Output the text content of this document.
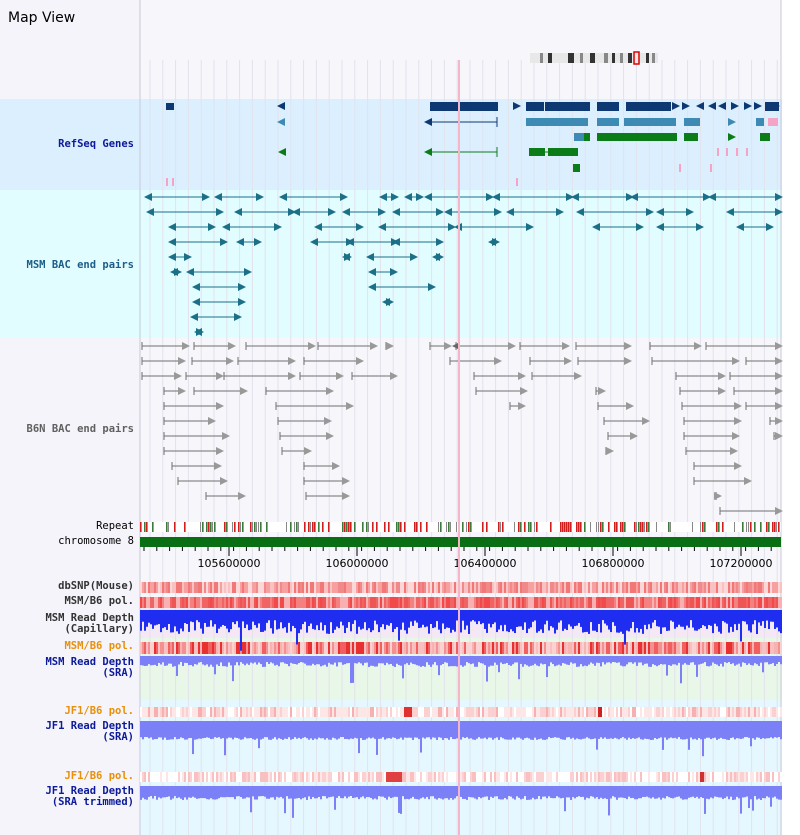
Map View
105600000	106000000	106400000	106800000	107200000
RefSeq Genes
MSM BAC end pairs
B6N BAC end pairs
Repeat
chromosome 8
dbSNP(Mouse)
MSM/B6 pol.
MSM Read Depth
(Capillary)
MSM/B6 pol.
MSM Read Depth
(SRA)
JF1/B6 pol.
JF1 Read Depth
(SRA)
JF1/B6 pol.
JF1 Read Depth
(SRA trimmed)
